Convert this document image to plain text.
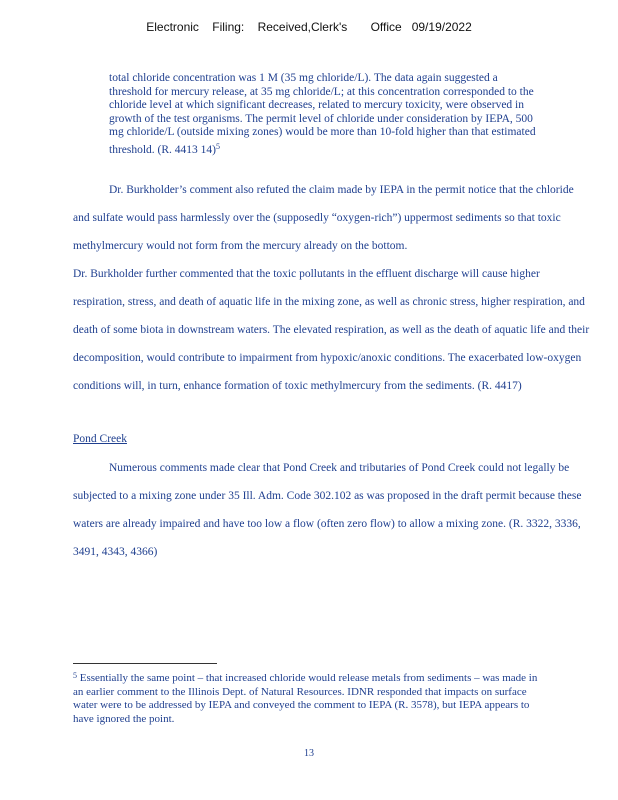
Electronic    Filing:    Received,Clerk's       Office   09/19/2022

total chloride concentration was 1 M (35 mg chloride/L). The data again suggested a threshold for mercury release, at 35 mg chloride/L; at this concentration corresponded to the chloride level at which significant decreases, related to mercury toxicity, were observed in growth of the test organisms. The permit level of chloride under consideration by IEPA, 500 mg chloride/L (outside mixing zones) would be more than 10-fold higher than that estimated threshold. (R. 4413 14)$^5$

Dr. Burkholder’s comment also refuted the claim made by IEPA in the permit notice that the chloride and sulfate would pass harmlessly over the (supposedly “oxygen-rich”) uppermost sediments so that toxic methylmercury would not form from the mercury already on the bottom.

Dr. Burkholder further commented that the toxic pollutants in the effluent discharge will cause higher respiration, stress, and death of aquatic life in the mixing zone, as well as chronic stress, higher respiration, and death of some biota in downstream waters. The elevated respiration, as well as the death of aquatic life and their decomposition, would contribute to impairment from hypoxic/anoxic conditions. The exacerbated low-oxygen conditions will, in turn, enhance formation of toxic methylmercury from the sediments. (R. 4417)

Pond Creek

Numerous comments made clear that Pond Creek and tributaries of Pond Creek could not legally be subjected to a mixing zone under 35 Ill. Adm. Code 302.102 as was proposed in the draft permit because these waters are already impaired and have too low a flow (often zero flow) to allow a mixing zone. (R. 3322, 3336, 3491, 4343, 4366)

$^5$ Essentially the same point – that increased chloride would release metals from sediments – was made in an earlier comment to the Illinois Dept. of Natural Resources. IDNR responded that impacts on surface water were to be addressed by IEPA and conveyed the comment to IEPA (R. 3578), but IEPA appears to have ignored the point.
13
